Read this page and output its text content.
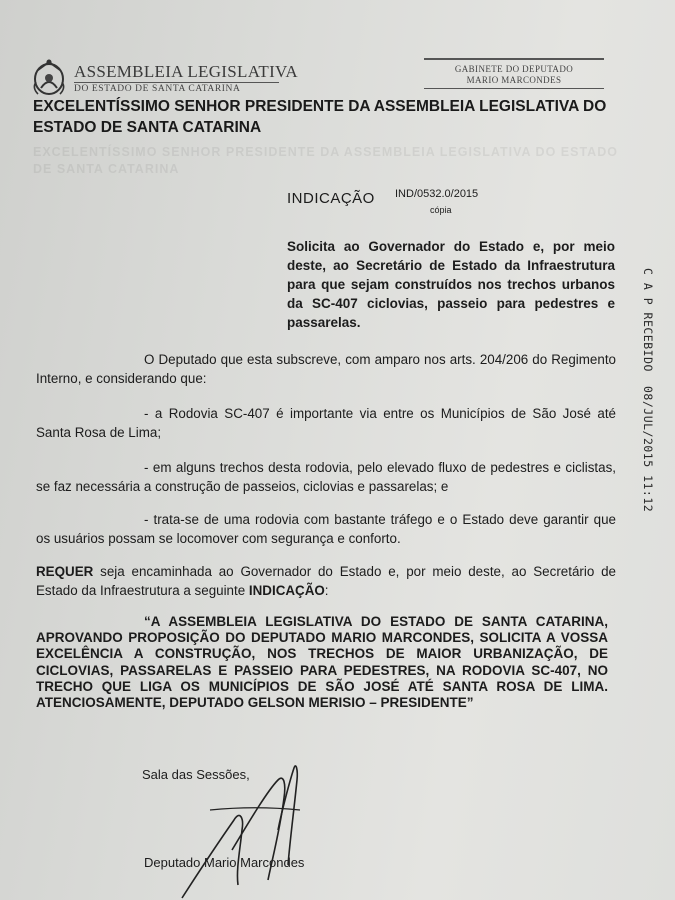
ASSEMBLEIA LEGISLATIVA
DO ESTADO DE SANTA CATARINA
GABINETE DO DEPUTADO
MARIO MARCONDES
EXCELENTÍSSIMO SENHOR PRESIDENTE DA ASSEMBLEIA LEGISLATIVA DO ESTADO DE SANTA CATARINA
EXCELENTÍSSIMO SENHOR PRESIDENTE DA ASSEMBLEIA LEGISLATIVA DO ESTADO DE SANTA CATARINA
INDICAÇÃO IND/0532.0/2015
cópia
Solicita ao Governador do Estado e, por meio deste, ao Secretário de Estado da Infraestrutura para que sejam construídos nos trechos urbanos da SC-407 ciclovias, passeio para pedestres e passarelas.
O Deputado que esta subscreve, com amparo nos arts. 204/206 do Regimento Interno, e considerando que:
- a Rodovia SC-407 é importante via entre os Municípios de São José até Santa Rosa de Lima;
- em alguns trechos desta rodovia, pelo elevado fluxo de pedestres e ciclistas, se faz necessária a construção de passeios, ciclovias e passarelas; e
- trata-se de uma rodovia com bastante tráfego e o Estado deve garantir que os usuários possam se locomover com segurança e conforto.
REQUER seja encaminhada ao Governador do Estado e, por meio deste, ao Secretário de Estado da Infraestrutura a seguinte INDICAÇÃO:
“A ASSEMBLEIA LEGISLATIVA DO ESTADO DE SANTA CATARINA, APROVANDO PROPOSIÇÃO DO DEPUTADO MARIO MARCONDES, SOLICITA A VOSSA EXCELÊNCIA A CONSTRUÇÃO, NOS TRECHOS DE MAIOR URBANIZAÇÃO, DE CICLOVIAS, PASSARELAS E PASSEIO PARA PEDESTRES, NA RODOVIA SC-407, NO TRECHO QUE LIGA OS MUNICÍPIOS DE SÃO JOSÉ ATÉ SANTA ROSA DE LIMA. ATENCIOSAMENTE, DEPUTADO GELSON MERISIO – PRESIDENTE”
Sala das Sessões,
Deputado Mario Marcondes
C A P RECEBIDO
08/JUL/2015 11:12
